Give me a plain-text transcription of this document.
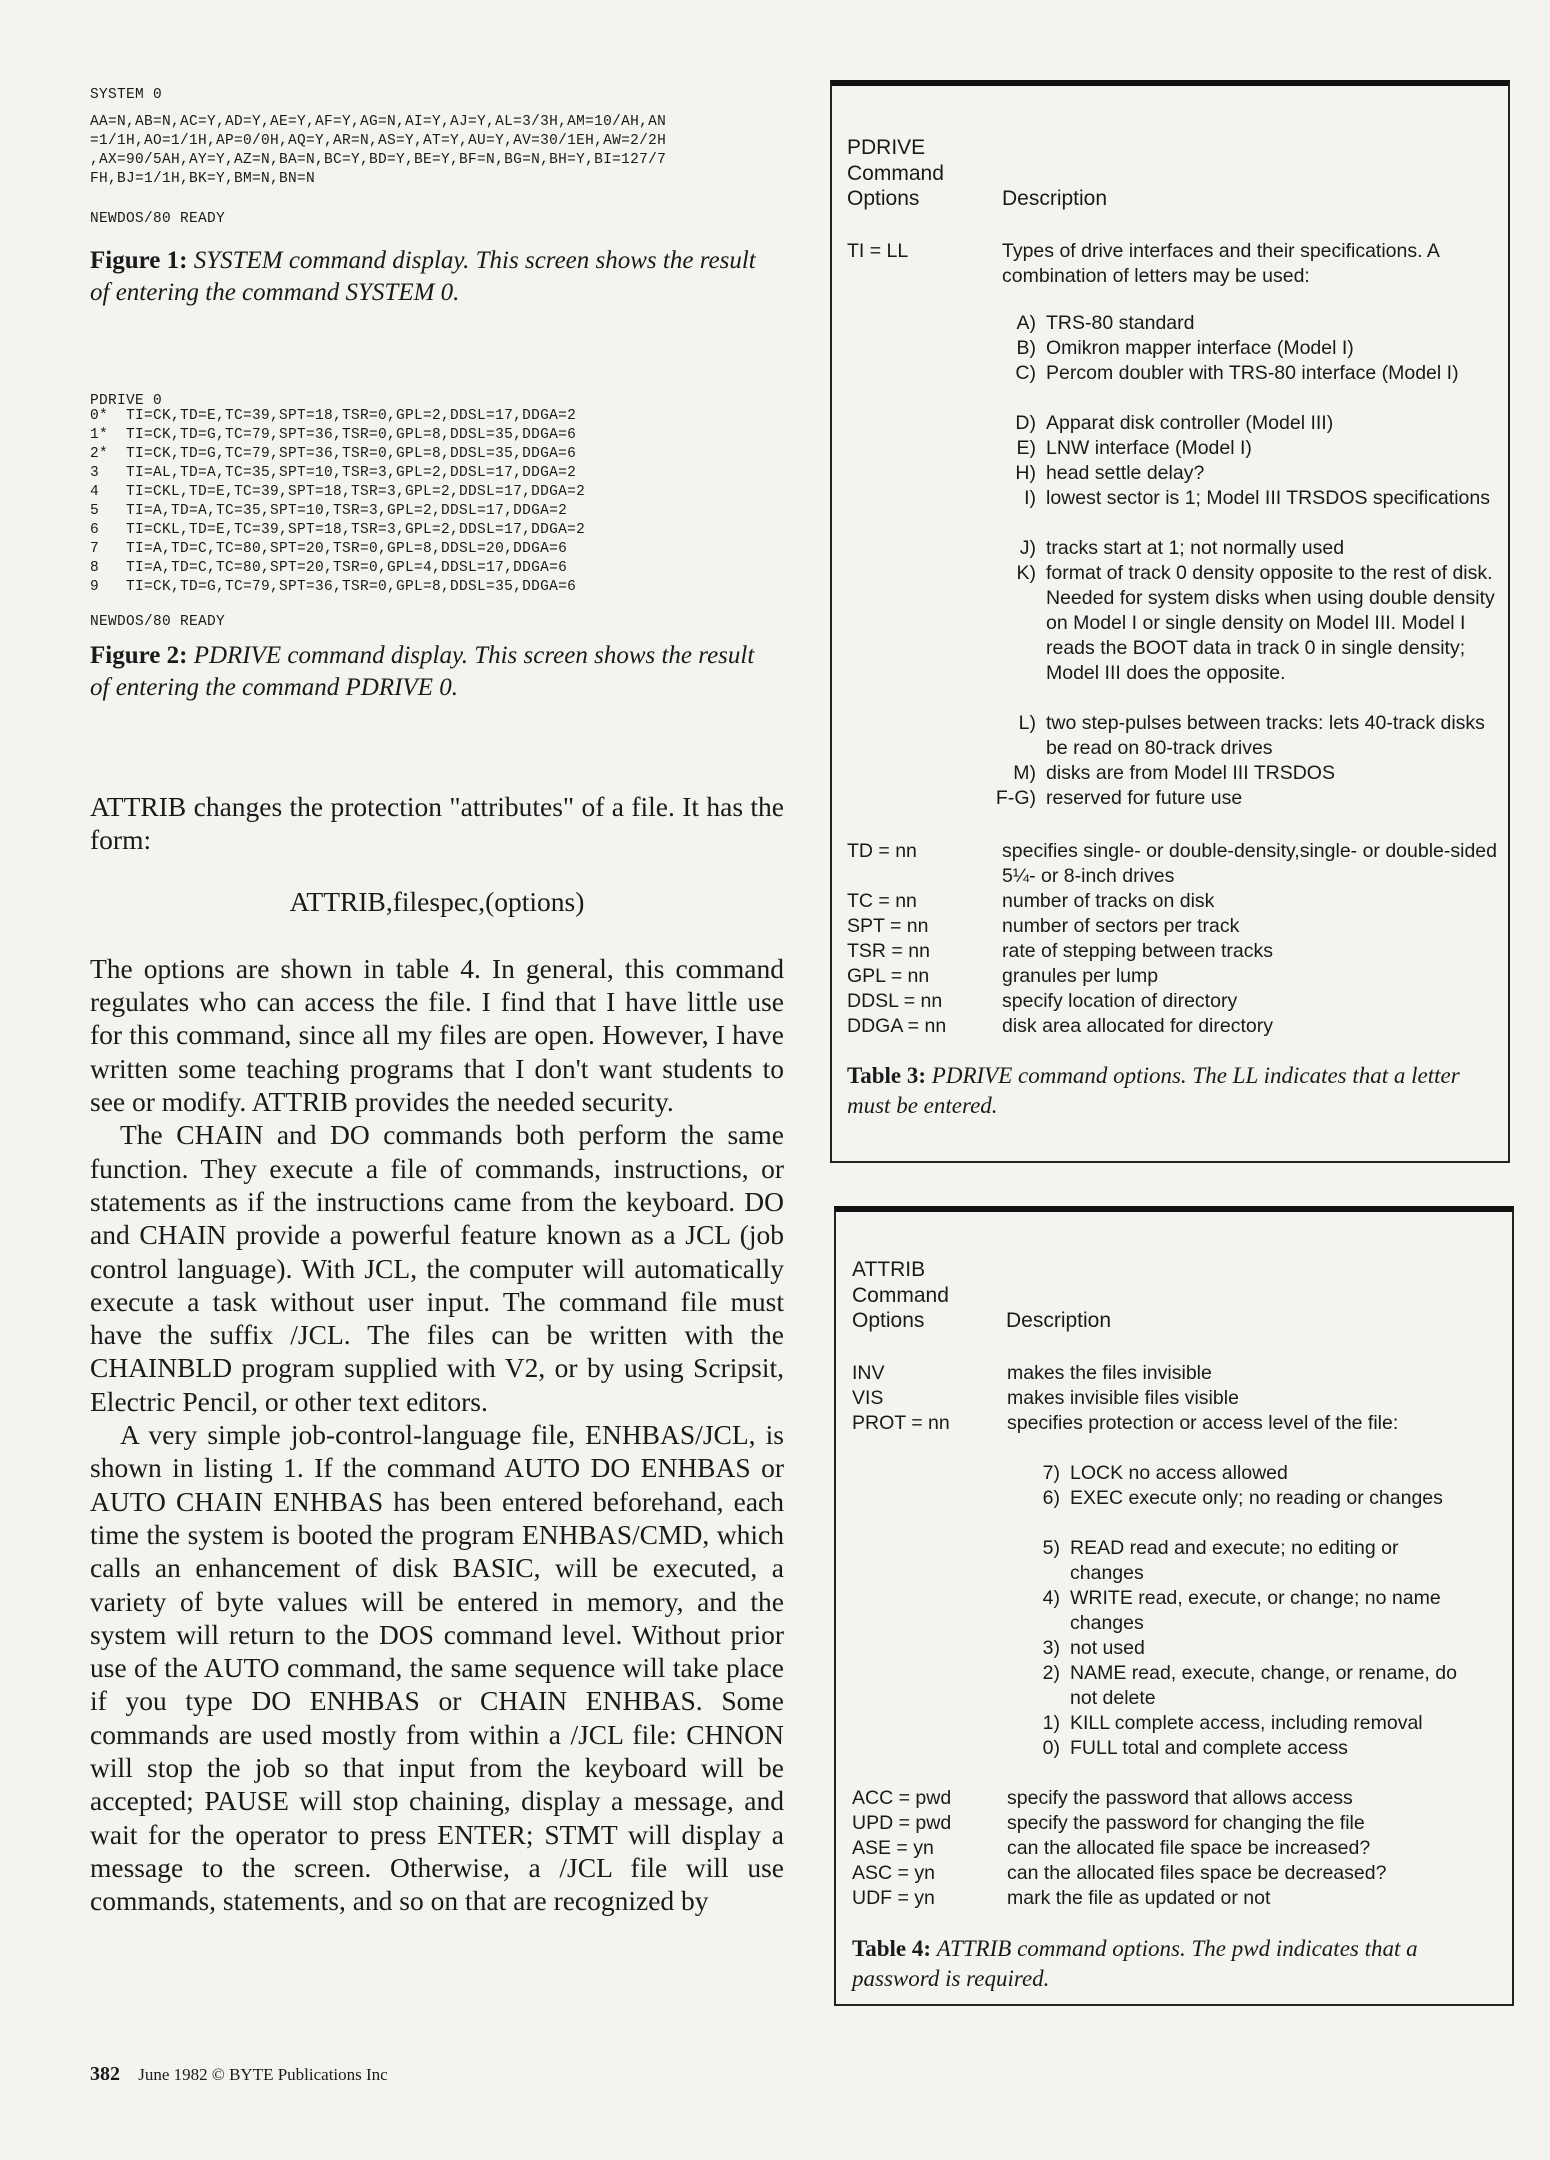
SYSTEM 0
AA=N,AB=N,AC=Y,AD=Y,AE=Y,AF=Y,AG=N,AI=Y,AJ=Y,AL=3/3H,AM=10/AH,AN
=1/1H,AO=1/1H,AP=0/0H,AQ=Y,AR=N,AS=Y,AT=Y,AU=Y,AV=30/1EH,AW=2/2H
,AX=90/5AH,AY=Y,AZ=N,BA=N,BC=Y,BD=Y,BE=Y,BF=N,BG=N,BH=Y,BI=127/7
FH,BJ=1/1H,BK=Y,BM=N,BN=N
NEWDOS/80 READY
Figure 1: SYSTEM command display. This screen shows the result of entering the command SYSTEM 0.
PDRIVE 0
0*  TI=CK,TD=E,TC=39,SPT=18,TSR=0,GPL=2,DDSL=17,DDGA=2
1*  TI=CK,TD=G,TC=79,SPT=36,TSR=0,GPL=8,DDSL=35,DDGA=6
2*  TI=CK,TD=G,TC=79,SPT=36,TSR=0,GPL=8,DDSL=35,DDGA=6
3   TI=AL,TD=A,TC=35,SPT=10,TSR=3,GPL=2,DDSL=17,DDGA=2
4   TI=CKL,TD=E,TC=39,SPT=18,TSR=3,GPL=2,DDSL=17,DDGA=2
5   TI=A,TD=A,TC=35,SPT=10,TSR=3,GPL=2,DDSL=17,DDGA=2
6   TI=CKL,TD=E,TC=39,SPT=18,TSR=3,GPL=2,DDSL=17,DDGA=2
7   TI=A,TD=C,TC=80,SPT=20,TSR=0,GPL=8,DDSL=20,DDGA=6
8   TI=A,TD=C,TC=80,SPT=20,TSR=0,GPL=4,DDSL=17,DDGA=6
9   TI=CK,TD=G,TC=79,SPT=36,TSR=0,GPL=8,DDSL=35,DDGA=6
NEWDOS/80 READY
Figure 2: PDRIVE command display. This screen shows the result of entering the command PDRIVE 0.

ATTRIB changes the protection "attributes" of a file. It has the form:

ATTRIB,filespec,(options)

The options are shown in table 4. In general, this command regulates who can access the file. I find that I have little use for this command, since all my files are open. However, I have written some teaching programs that I don't want students to see or modify. ATTRIB provides the needed security.

The CHAIN and DO commands both perform the same function. They execute a file of commands, instructions, or statements as if the instructions came from the keyboard. DO and CHAIN provide a powerful feature known as a JCL (job control language). With JCL, the computer will automatically execute a task without user input. The command file must have the suffix /JCL. The files can be written with the CHAINBLD program supplied with V2, or by using Scripsit, Electric Pencil, or other text editors.

A very simple job-control-language file, ENHBAS/JCL, is shown in listing 1. If the command AUTO DO ENHBAS or AUTO CHAIN ENHBAS has been entered beforehand, each time the system is booted the program ENHBAS/CMD, which calls an enhancement of disk BASIC, will be executed, a variety of byte values will be entered in memory, and the system will return to the DOS command level. Without prior use of the AUTO command, the same sequence will take place if you type DO ENHBAS or CHAIN ENHBAS. Some commands are used mostly from within a /JCL file: CHNON will stop the job so that input from the keyboard will be accepted; PAUSE will stop chaining, display a message, and wait for the operator to press ENTER; STMT will display a message to the screen. Otherwise, a /JCL file will use commands, statements, and so on that are recognized by

382 June 1982 © BYTE Publications Inc
PDRIVE
Command
Options	Description
TI = LL	Types of drive interfaces and their specifications. A combination of letters may be used:
A) TRS-80 standard
B) Omikron mapper interface (Model I)
C) Percom doubler with TRS-80 interface (Model I)
D) Apparat disk controller (Model III)
E) LNW interface (Model I)
H) head settle delay?
I) lowest sector is 1; Model III TRSDOS specifications
J) tracks start at 1; not normally used
K) format of track 0 density opposite to the rest of disk. Needed for system disks when using double density on Model I or single density on Model III. Model I reads the BOOT data in track 0 in single density; Model III does the opposite.
L) two step-pulses between tracks: lets 40-track disks be read on 80-track drives
M) disks are from Model III TRSDOS
F-G) reserved for future use
TD = nn	specifies single- or double-density,single- or double-sided 5¼- or 8-inch drives
TC = nn	number of tracks on disk
SPT = nn	number of sectors per track
TSR = nn	rate of stepping between tracks
GPL = nn	granules per lump
DDSL = nn	specify location of directory
DDGA = nn	disk area allocated for directory
Table 3: PDRIVE command options. The LL indicates that a letter must be entered.
ATTRIB
Command
Options	Description
INV	makes the files invisible
VIS	makes invisible files visible
PROT = nn	specifies protection or access level of the file:
7) LOCK no access allowed
6) EXEC execute only; no reading or changes
5) READ read and execute; no editing or changes
4) WRITE read, execute, or change; no name changes
3) not used
2) NAME read, execute, change, or rename, do not delete
1) KILL complete access, including removal
0) FULL total and complete access
ACC = pwd	specify the password that allows access
UPD = pwd	specify the password for changing the file
ASE = yn	can the allocated file space be increased?
ASC = yn	can the allocated files space be decreased?
UDF = yn	mark the file as updated or not
Table 4: ATTRIB command options. The pwd indicates that a password is required.
